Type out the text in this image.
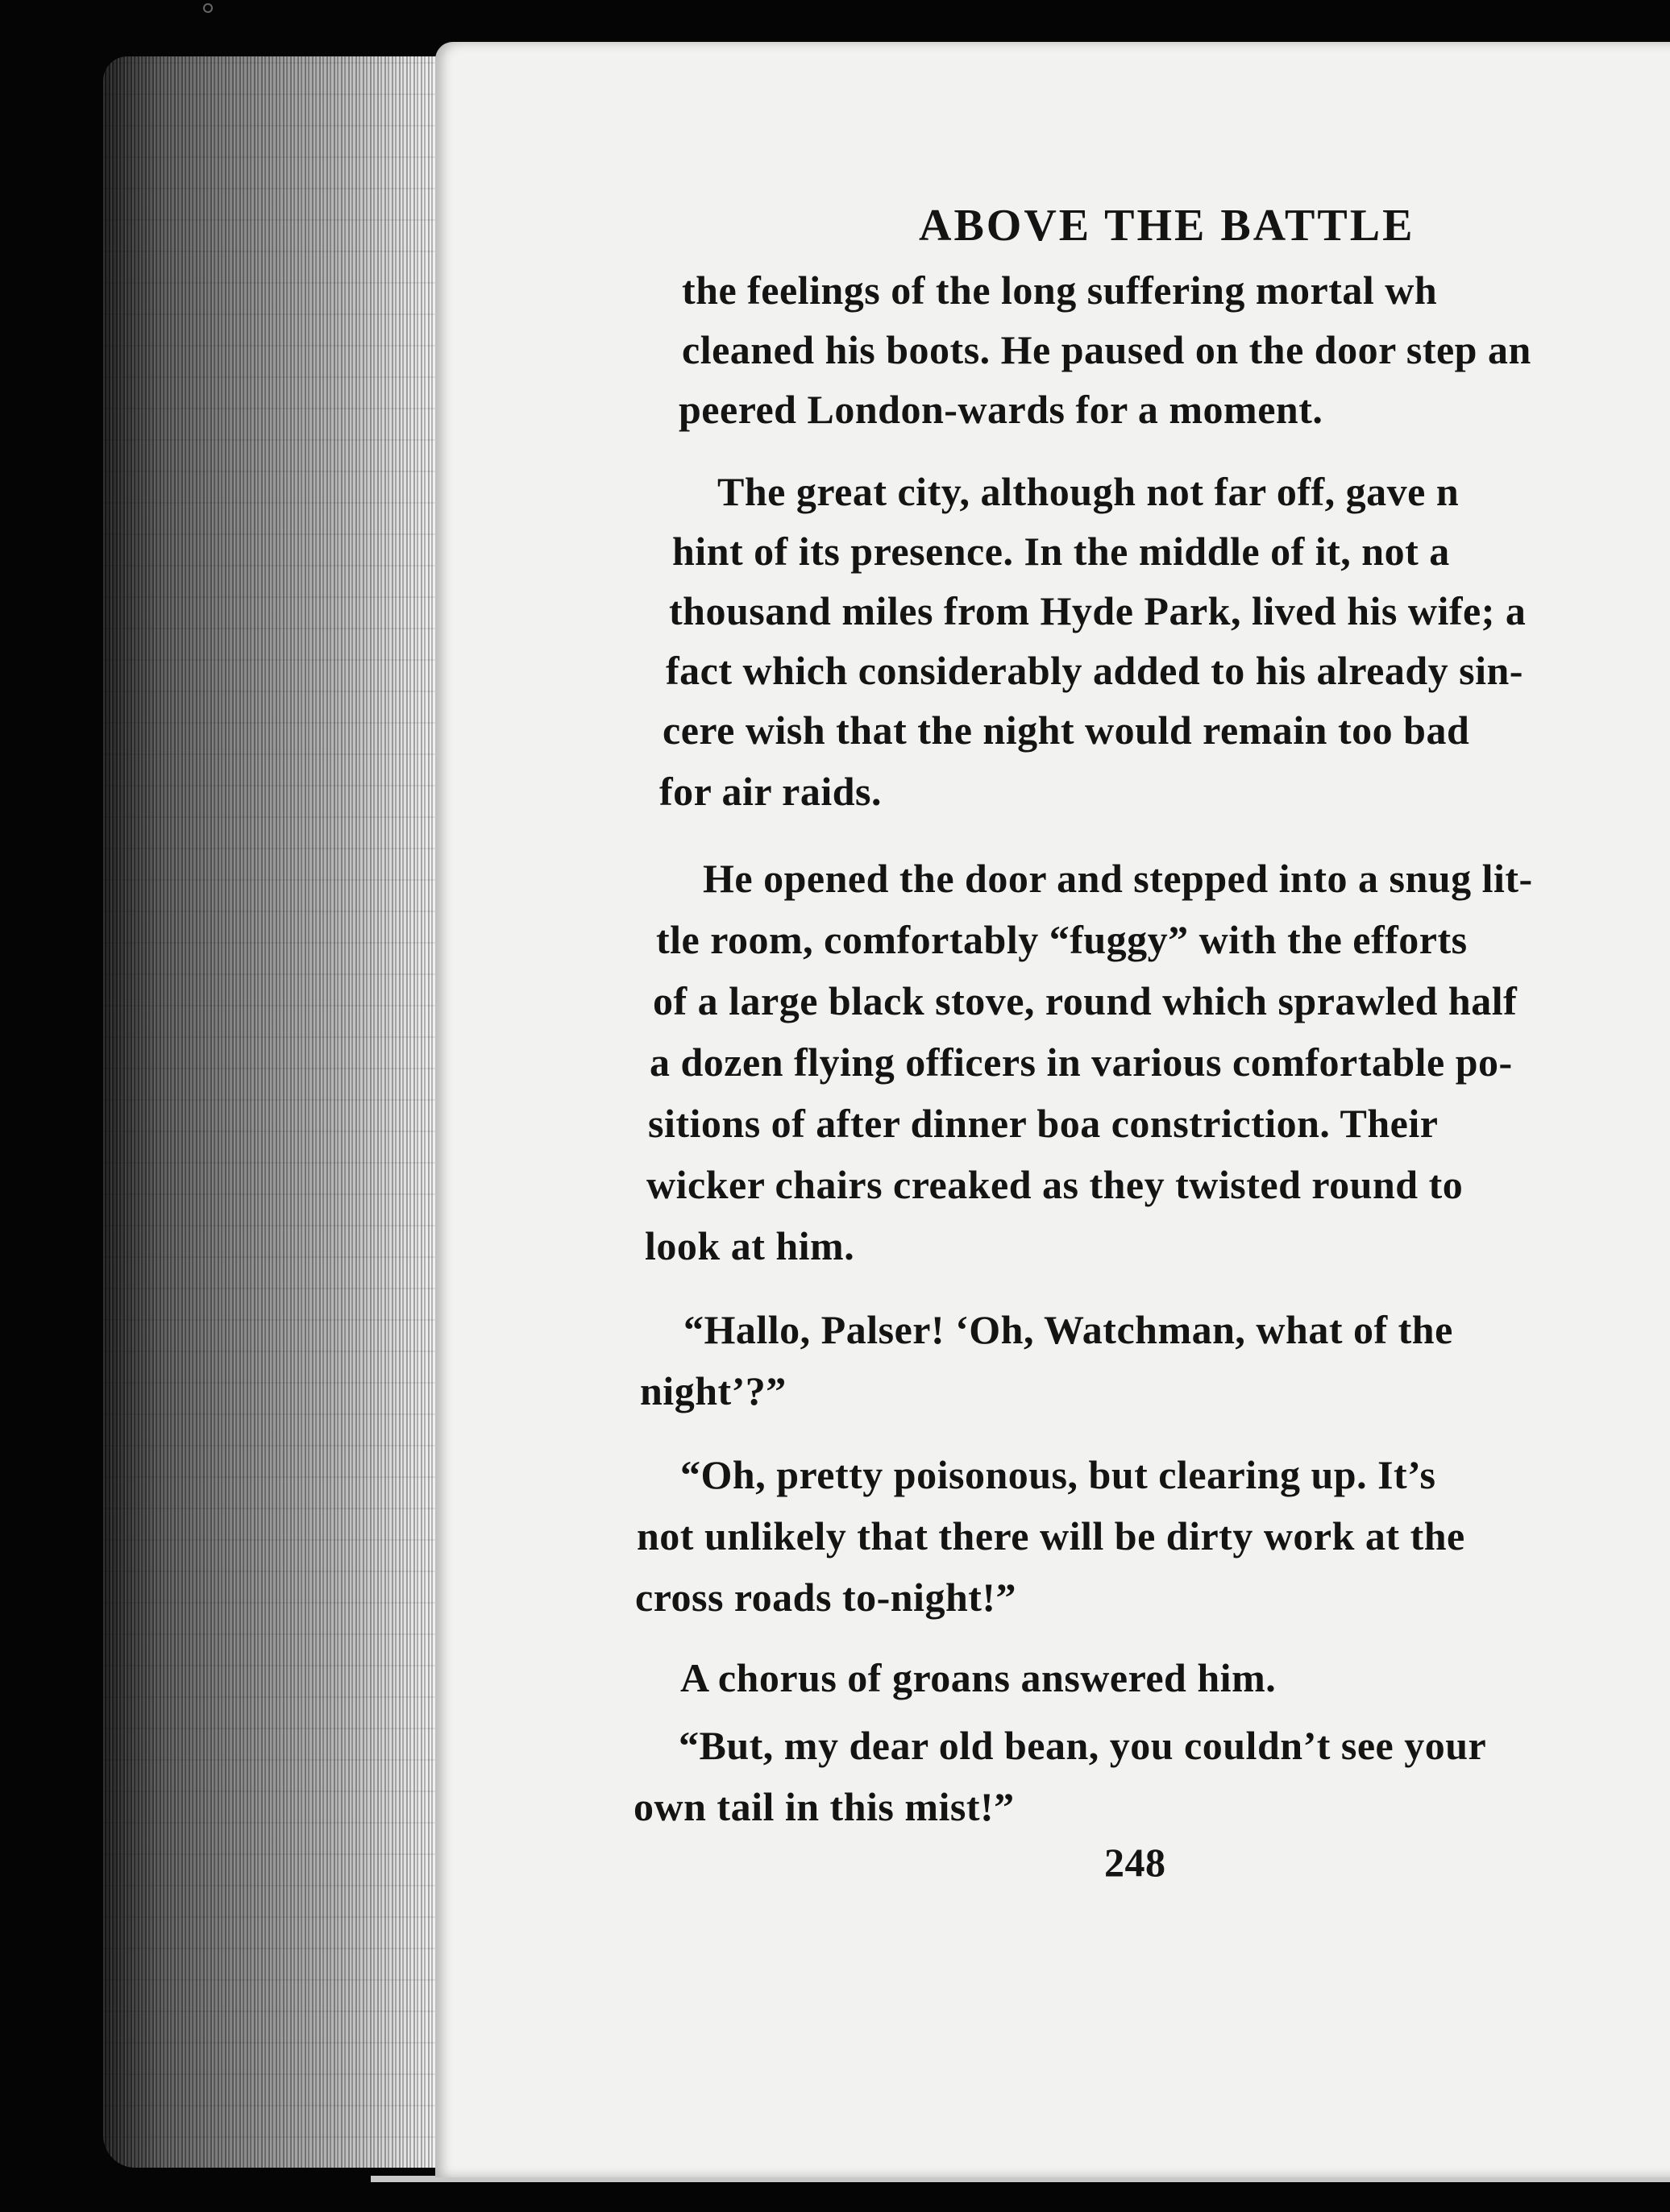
ABOVE THE BATTLE
the feelings of the long suffering mortal wh
cleaned his boots. He paused on the door step an
peered London-wards for a moment.
The great city, although not far off, gave n
hint of its presence. In the middle of it, not a
thousand miles from Hyde Park, lived his wife; a
fact which considerably added to his already sin-
cere wish that the night would remain too bad
for air raids.
He opened the door and stepped into a snug lit-
tle room, comfortably “fuggy” with the efforts
of a large black stove, round which sprawled half
a dozen flying officers in various comfortable po-
sitions of after dinner boa constriction. Their
wicker chairs creaked as they twisted round to
look at him.
“Hallo, Palser! ‘Oh, Watchman, what of the
night’?”
“Oh, pretty poisonous, but clearing up. It’s
not unlikely that there will be dirty work at the
cross roads to-night!”
A chorus of groans answered him.
“But, my dear old bean, you couldn’t see your
own tail in this mist!”
248
